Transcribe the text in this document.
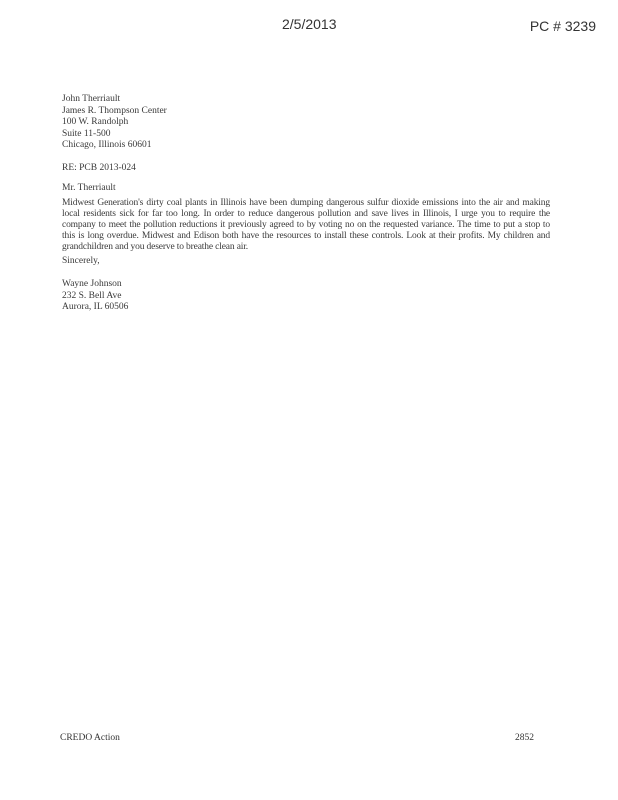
2/5/2013	PC # 3239
John Therriault
James R. Thompson Center
100 W. Randolph
Suite 11-500
Chicago, Illinois 60601
RE: PCB 2013-024
Mr. Therriault
Midwest Generation's dirty coal plants in Illinois have been dumping dangerous sulfur dioxide emissions into the air and making local residents sick for far too long. In order to reduce dangerous pollution and save lives in Illinois, I urge you to require the company to meet the pollution reductions it previously agreed to by voting no on the requested variance. The time to put a stop to this is long overdue. Midwest and Edison both have the resources to install these controls. Look at their profits. My children and grandchildren and you deserve to breathe clean air.
Sincerely,
Wayne Johnson
232 S. Bell Ave
Aurora, IL 60506
CREDO Action	2852
